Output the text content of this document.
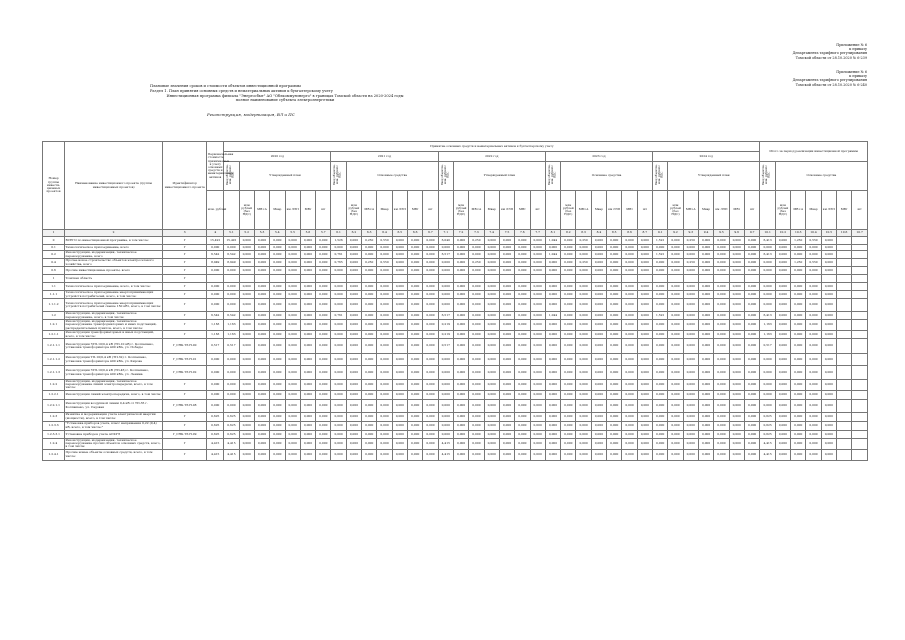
Приложение № 6
к приказу
Департамента тарифного регулирования
Томской области от 28.10.2020 № 6-239
Приложение № 6
к приказу
Департамента тарифного регулирования
Томской области от 28.10.2020 № 6-240
Плановые значения сроков и стоимости объектов инвестиционной программы
Раздел 1. План принятия основных средств и нематериальных активов к бухгалтерскому учету
Инвестиционная программа филиала "Энергосбыт" АО "Облкоммунэнерго" в границах Томской области на 2020-2024 годы
полное наименование субъекта электроэнергетики
Реконструкция, модернизация, ВЛ и ПС
Номер группы инвести- ционных проектов	Наименование инвестиционного проекта (группы инвестиционных проектов)	Идентификатор инвестиционного проекта	Первоначальная стоимость принимаемых к учету основных средств и нематериальных активов	Принятие основных средств и нематериальных активов к бухгалтерскому учету																																			Итого за период реализации инвестиционной программы						
				2020 год							2021 год							2022 год							2023 год							2024 год													
				Ввод объектов, млн. рублей с НДС	Утвержденный план						Ввод объектов, млн. рублей с НДС	Основные средства						Ввод объектов, млн. рублей с НДС	Утвержденный план						Ввод объектов, млн. рублей с НДС	Основные средства						Ввод объектов, млн. рублей с НДС	Утвержденный план						Ввод объектов, млн. рублей с НДС	Основные средства					
			млн. рублей		млн рублей (без НДС)	МВ×А	Мвар	км ЛЭП	МВт	шт		млн рублей (без НДС)	МВ×А	Мвар	км ЛЭП	МВт	шт		млн рублей (без НДС)	МВ×А	Мвар	км ЛЭП	МВт	шт		млн рублей (без НДС)	МВ×А	Мвар	км ЛЭП	МВт	шт		млн рублей (без НДС)	МВ×А	Мвар	км ЛЭП	МВт	шт		млн рублей (без НДС)	МВ×А	Мвар	км ЛЭП	МВт	шт
1	2	3	4	5.1	5.2	5.3	5.4	5.5	5.6	5.7	6.1	6.2	6.3	6.4	6.5	6.6	6.7	7.1	7.2	7.3	7.4	7.5	7.6	7.7	8.1	8.2	8.3	8.4	8.5	8.6	8.7	9.1	9.2	9.3	9.4	9.5	9.6	9.7	10.1	10.2	10.3	10.4	10.5	10.6	10.7
0	ВСЕГО по инвестиционной программе, в том числе:	Г	15,491	15,491	0,000	0,000	0,000	0,000	0,000	0,000	1,526	0,000	0,250	0,550	0,000	0,000	0,000	6,040	0,000	0,250	0,000	0,000	0,000	0,000	1,044	0,000	0,250	0,000	0,000	0,000	0,000	1,591	0,000	0,250	0,000	0,000	0,000	0,000	6,413	0,000	1,250	0,550	0,000		
0.1	Технологическое присоединение, всего	Г	0,000	0,000	0,000	0,000	0,000	0,000	0,000	0,000	0,000	0,000	0,000	0,000	0,000	0,000	0,000	0,000	0,000	0,000	0,000	0,000	0,000	0,000	0,000	0,000	0,000	0,000	0,000	0,000	0,000	0,000	0,000	0,000	0,000	0,000	0,000	0,000	0,000	0,000	0,000	0,000	0,000		
0.2	Реконструкция, модернизация, техническое перевооружение, всего	Г	6,542	6,542	0,000	0,000	0,000	0,000	0,000	0,000	0,761	0,000	0,000	0,000	0,000	0,000	0,000	6,517	0,000	0,000	0,000	0,000	0,000	0,000	1,044	0,000	0,000	0,000	0,000	0,000	0,000	1,591	0,000	0,000	0,000	0,000	0,000	0,000	6,413	0,000	0,000	0,000	0,000		
0.4	Прочее новое строительство объектов электросетевого хозяйства, всего	Г	8,949	8,949	0,000	0,000	0,000	0,000	0,000	0,000	0,765	0,000	0,250	0,550	0,000	0,000	0,000	0,000	0,000	0,250	0,000	0,000	0,000	0,000	0,000	0,000	0,250	0,000	0,000	0,000	0,000	0,000	0,000	0,250	0,000	0,000	0,000	0,000	0,000	0,000	1,250	0,550	0,000		
0.6	Прочие инвестиционные проекты, всего	Г	0,000	0,000	0,000	0,000	0,000	0,000	0,000	0,000	0,000	0,000	0,000	0,000	0,000	0,000	0,000	0,000	0,000	0,000	0,000	0,000	0,000	0,000	0,000	0,000	0,000	0,000	0,000	0,000	0,000	0,000	0,000	0,000	0,000	0,000	0,000	0,000	0,000	0,000	0,000	0,000	0,000		
1	Томская область	Г																																											
1.1	Технологическое присоединение, всего, в том числе:	Г	0,000	0,000	0,000	0,000	0,000	0,000	0,000	0,000	0,000	0,000	0,000	0,000	0,000	0,000	0,000	0,000	0,000	0,000	0,000	0,000	0,000	0,000	0,000	0,000	0,000	0,000	0,000	0,000	0,000	0,000	0,000	0,000	0,000	0,000	0,000	0,000	0,000	0,000	0,000	0,000	0,000		
1.1.1	Технологическое присоединение энергопринимающих устройств потребителей, всего, в том числе:	Г	0,000	0,000	0,000	0,000	0,000	0,000	0,000	0,000	0,000	0,000	0,000	0,000	0,000	0,000	0,000	0,000	0,000	0,000	0,000	0,000	0,000	0,000	0,000	0,000	0,000	0,000	0,000	0,000	0,000	0,000	0,000	0,000	0,000	0,000	0,000	0,000	0,000	0,000	0,000	0,000	0,000		
1.1.1.2	Технологическое присоединение энергопринимающих устройств потребителей свыше 150 кВт, всего, в том числе:	Г	0,000	0,000	0,000	0,000	0,000	0,000	0,000	0,000	0,000	0,000	0,000	0,000	0,000	0,000	0,000	0,000	0,000	0,000	0,000	0,000	0,000	0,000	0,000	0,000	0,000	0,000	0,000	0,000	0,000	0,000	0,000	0,000	0,000	0,000	0,000	0,000	0,000	0,000	0,000	0,000	0,000		
1.2	Реконструкция, модернизация, техническое перевооружение, всего, в том числе:	Г	6,542	6,542	0,000	0,000	0,000	0,000	0,000	0,000	0,761	0,000	0,000	0,000	0,000	0,000	0,000	6,517	0,000	0,000	0,000	0,000	0,000	0,000	1,044	0,000	0,000	0,000	0,000	0,000	0,000	1,591	0,000	0,000	0,000	0,000	0,000	0,000	6,413	0,000	0,000	0,000	0,000		
1.2.1	Реконструкция, модернизация, техническое перевооружение трансформаторных и иных подстанций, распределительных пунктов, всего, в том числе:	Г	1,163	1,163	0,000	0,000	0,000	0,000	0,000	0,000	0,000	0,000	0,000	0,000	0,000	0,000	0,000	0,219	0,000	0,000	0,000	0,000	0,000	0,000	0,000	0,000	0,000	0,000	0,000	0,000	0,000	0,000	0,000	0,000	0,000	0,000	0,000	0,000	1,163	0,000	0,000	0,000	0,000		
1.2.1.1	Реконструкция трансформаторных и иных подстанций, всего, в том числе:	Г	1,163	1,163	0,000	0,000	0,000	0,000	0,000	0,000	0,000	0,000	0,000	0,000	0,000	0,000	0,000	0,219	0,000	0,000	0,000	0,000	0,000	0,000	0,000	0,000	0,000	0,000	0,000	0,000	0,000	0,000	0,000	0,000	0,000	0,000	0,000	0,000	1,163	0,000	0,000	0,000	0,000		
1.2.1.1.1	Реконструкция ЗТП-10/0,4 кВ (ТП-10 кВ) г. Колпашево, установка трансформатора 400 кВА, ул. Победы	Г_СНК.ТЭ.Н-00	0,517	0,517	0,000	0,000	0,000	0,000	0,000	0,000	0,000	0,000	0,000	0,000	0,000	0,000	0,000	0,517	0,000	0,000	0,000	0,000	0,000	0,000	0,000	0,000	0,000	0,000	0,000	0,000	0,000	0,000	0,000	0,000	0,000	0,000	0,000	0,000	0,517	0,000	0,000	0,000	0,000		
1.2.1.1.2	Реконструкция ТП-10/0,4 кВ (ТП-32) г. Колпашево, установка трансформатора 400 кВА, ул. Кирова	Г_СНК.ТЭ.Н-01	0,000	0,000	0,000	0,000	0,000	0,000	0,000	0,000	0,000	0,000	0,000	0,000	0,000	0,000	0,000	0,000	0,000	0,000	0,000	0,000	0,000	0,000	0,000	0,000	0,000	0,000	0,000	0,000	0,000	0,000	0,000	0,000	0,000	0,000	0,000	0,000	0,000	0,000	0,000	0,000	0,000		
1.2.1.1.3	Реконструкция ЗТП-10/0,4 кВ (ТП-45) г. Колпашево, установка трансформатора 400 кВА, ул. Ленина	Г_СНК.ТЭ.Н-02	0,000	0,000	0,000	0,000	0,000	0,000	0,000	0,000	0,000	0,000	0,000	0,000	0,000	0,000	0,000	0,000	0,000	0,000	0,000	0,000	0,000	0,000	0,000	0,000	0,000	0,000	0,000	0,000	0,000	0,000	0,000	0,000	0,000	0,000	0,000	0,000	0,000	0,000	0,000	0,000	0,000		
1.2.2	Реконструкция, модернизация, техническое перевооружение линий электропередачи, всего, в том числе:	Г	0,000	0,000	0,000	0,000	0,000	0,000	0,000	0,000	0,000	0,000	0,000	0,000	0,000	0,000	0,000	0,000	0,000	0,000	0,000	0,000	0,000	0,000	0,000	0,000	0,000	0,000	0,000	0,000	0,000	0,000	0,000	0,000	0,000	0,000	0,000	0,000	0,000	0,000	0,000	0,000	0,000		
1.2.2.1	Реконструкция линий электропередачи, всего, в том числе:	Г	0,000	0,000	0,000	0,000	0,000	0,000	0,000	0,000	0,000	0,000	0,000	0,000	0,000	0,000	0,000	0,000	0,000	0,000	0,000	0,000	0,000	0,000	0,000	0,000	0,000	0,000	0,000	0,000	0,000	0,000	0,000	0,000	0,000	0,000	0,000	0,000	0,000	0,000	0,000	0,000	0,000		
1.2.2.1.1	Реконструкция воздушной линии 0,4 кВ от ТП-35 г. Колпашево, ул. Садовая	Г_СНК.ТЭ.Н-08	0,000	0,000	0,000	0,000	0,000	0,000	0,000	0,000	0,000	0,000	0,000	0,000	0,000	0,000	0,000	0,000	0,000	0,000	0,000	0,000	0,000	0,000	0,000	0,000	0,000	0,000	0,000	0,000	0,000	0,000	0,000	0,000	0,000	0,000	0,000	0,000	0,000	0,000	0,000	0,000	0,000		
1.2.3	Развитие и модернизация учета электрической энергии (мощности), всего, в том числе:	Г	0,625	0,625	0,000	0,000	0,000	0,000	0,000	0,000	0,000	0,000	0,000	0,000	0,000	0,000	0,000	0,000	0,000	0,000	0,000	0,000	0,000	0,000	0,000	0,000	0,000	0,000	0,000	0,000	0,000	0,000	0,000	0,000	0,000	0,000	0,000	0,000	0,625	0,000	0,000	0,000	0,000		
1.2.3.3	"Установка приборов учета, класс напряжения 0,22 (0,4) кВ, всего, в том числе:"	Г	0,625	0,625	0,000	0,000	0,000	0,000	0,000	0,000	0,000	0,000	0,000	0,000	0,000	0,000	0,000	0,000	0,000	0,000	0,000	0,000	0,000	0,000	0,000	0,000	0,000	0,000	0,000	0,000	0,000	0,000	0,000	0,000	0,000	0,000	0,000	0,000	0,625	0,000	0,000	0,000	0,000		
1.2.3.3.1	Установка приборов учета АСКУЭ	Г_СНК.ТЭ.Н-09	0,625	0,625	0,000	0,000	0,000	0,000	0,000	0,000	0,000	0,000	0,000	0,000	0,000	0,000	0,000	0,000	0,000	0,000	0,000	0,000	0,000	0,000	0,000	0,000	0,000	0,000	0,000	0,000	0,000	0,000	0,000	0,000	0,000	0,000	0,000	0,000	0,625	0,000	0,000	0,000	0,000		
1.2.4	Реконструкция, модернизация, техническое перевооружение прочих объектов основных средств, всего, в том числе:	Г	4,415	4,415	0,000	0,000	0,000	0,000	0,000	0,000	0,000	0,000	0,000	0,000	0,000	0,000	0,000	4,415	0,000	0,000	0,000	0,000	0,000	0,000	0,000	0,000	0,000	0,000	0,000	0,000	0,000	0,000	0,000	0,000	0,000	0,000	0,000	0,000	4,415	0,000	0,000	0,000	0,000		
1.2.4.1	Прочие новые объекты основных средств, всего, в том числе:	Г	4,415	4,415	0,000	0,000	0,000	0,000	0,000	0,000	0,000	0,000	0,000	0,000	0,000	0,000	0,000	4,415	0,000	0,000	0,000	0,000	0,000	0,000	0,000	0,000	0,000	0,000	0,000	0,000	0,000	0,000	0,000	0,000	0,000	0,000	0,000	0,000	4,415	0,000	0,000	0,000	0,000		
